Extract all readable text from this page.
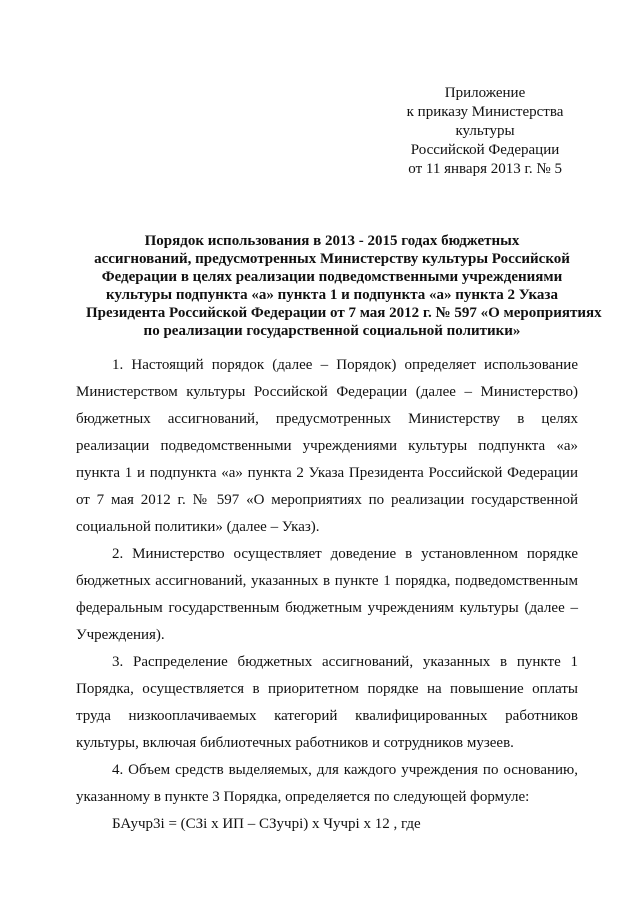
Приложение
к приказу Министерства
культуры
Российской Федерации
от 11 января 2013 г. № 5
Порядок использования в 2013 - 2015 годах бюджетных
ассигнований, предусмотренных Министерству культуры Российской
Федерации в целях реализации подведомственными учреждениями
культуры подпункта «а» пункта 1 и подпункта «а» пункта 2 Указа
Президента Российской Федерации от 7 мая 2012 г. № 597 «О мероприятиях
по реализации государственной социальной политики»

1. Настоящий порядок (далее – Порядок) определяет использование Министерством культуры Российской Федерации (далее – Министерство) бюджетных ассигнований, предусмотренных Министерству в целях реализации подведомственными учреждениями культуры подпункта «а» пункта 1 и подпункта «а» пункта 2 Указа Президента Российской Федерации от 7 мая 2012 г. № 597 «О мероприятиях по реализации государственной социальной политики» (далее – Указ).

2. Министерство осуществляет доведение в установленном порядке бюджетных ассигнований, указанных в пункте 1 порядка, подведомственным федеральным государственным бюджетным учреждениям культуры (далее – Учреждения).

3. Распределение бюджетных ассигнований, указанных в пункте 1 Порядка, осуществляется в приоритетном порядке на повышение оплаты труда низкооплачиваемых категорий квалифицированных работников культуры, включая библиотечных работников и сотрудников музеев.

4. Объем средств выделяемых, для каждого учреждения по основанию, указанному в пункте 3 Порядка, определяется по следующей формуле:

БАучр3i = (СЗi х ИП – СЗучрi) х Чучрi х 12 , где
